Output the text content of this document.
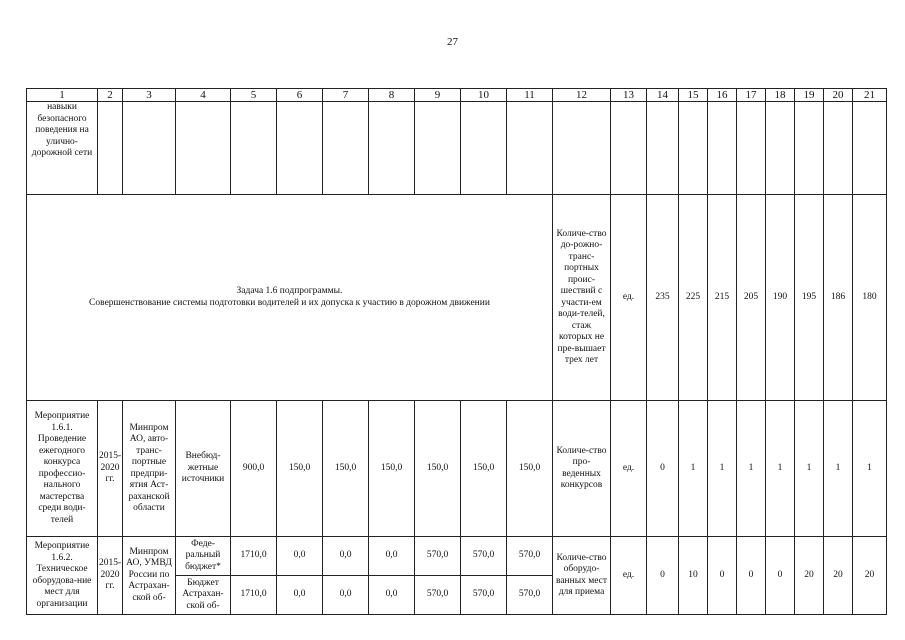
27
1	2	3	4	5	6	7	8	9	10	11	12	13	14	15	16	17	18	19	20	21
навыки безопасного поведения на улично-дорожной сети																				

Задача 1.6 подпрограммы.
Совершенствование системы подготовки водителей и их допуска к участию в дорожном движении											Количе-ство до-рожно-транс-портных проис-шествий с участи-ем води-телей, стаж которых не пре-вышает трех лет	ед.	235	225	215	205	190	195	186	180
Мероприятие 1.6.1. Проведение ежегодного конкурса профессио-нального мастерства среди води-телей	2015-2020 гг.	Минпром АО, авто-транс-портные предпри-ятия Аст-раханской области	Внебюд-жетные источники	900,0	150,0	150,0	150,0	150,0	150,0	150,0	Количе-ство про-веденных конкурсов	ед.	0	1	1	1	1	1	1	1
Мероприятие 1.6.2. Техническое оборудова-ние мест для организации	2015-2020 гг.	Минпром АО, УМВД России по Астрахан-ской об-	Феде-ральный бюджет*	1710,0	0,0	0,0	0,0	570,0	570,0	570,0	Количе-ство оборудо-ванных мест для приема	ед.	0	10	0	0	0	20	20	20
			Бюджет Астрахан-ской об-	1710,0	0,0	0,0	0,0	570,0	570,0	570,0										
